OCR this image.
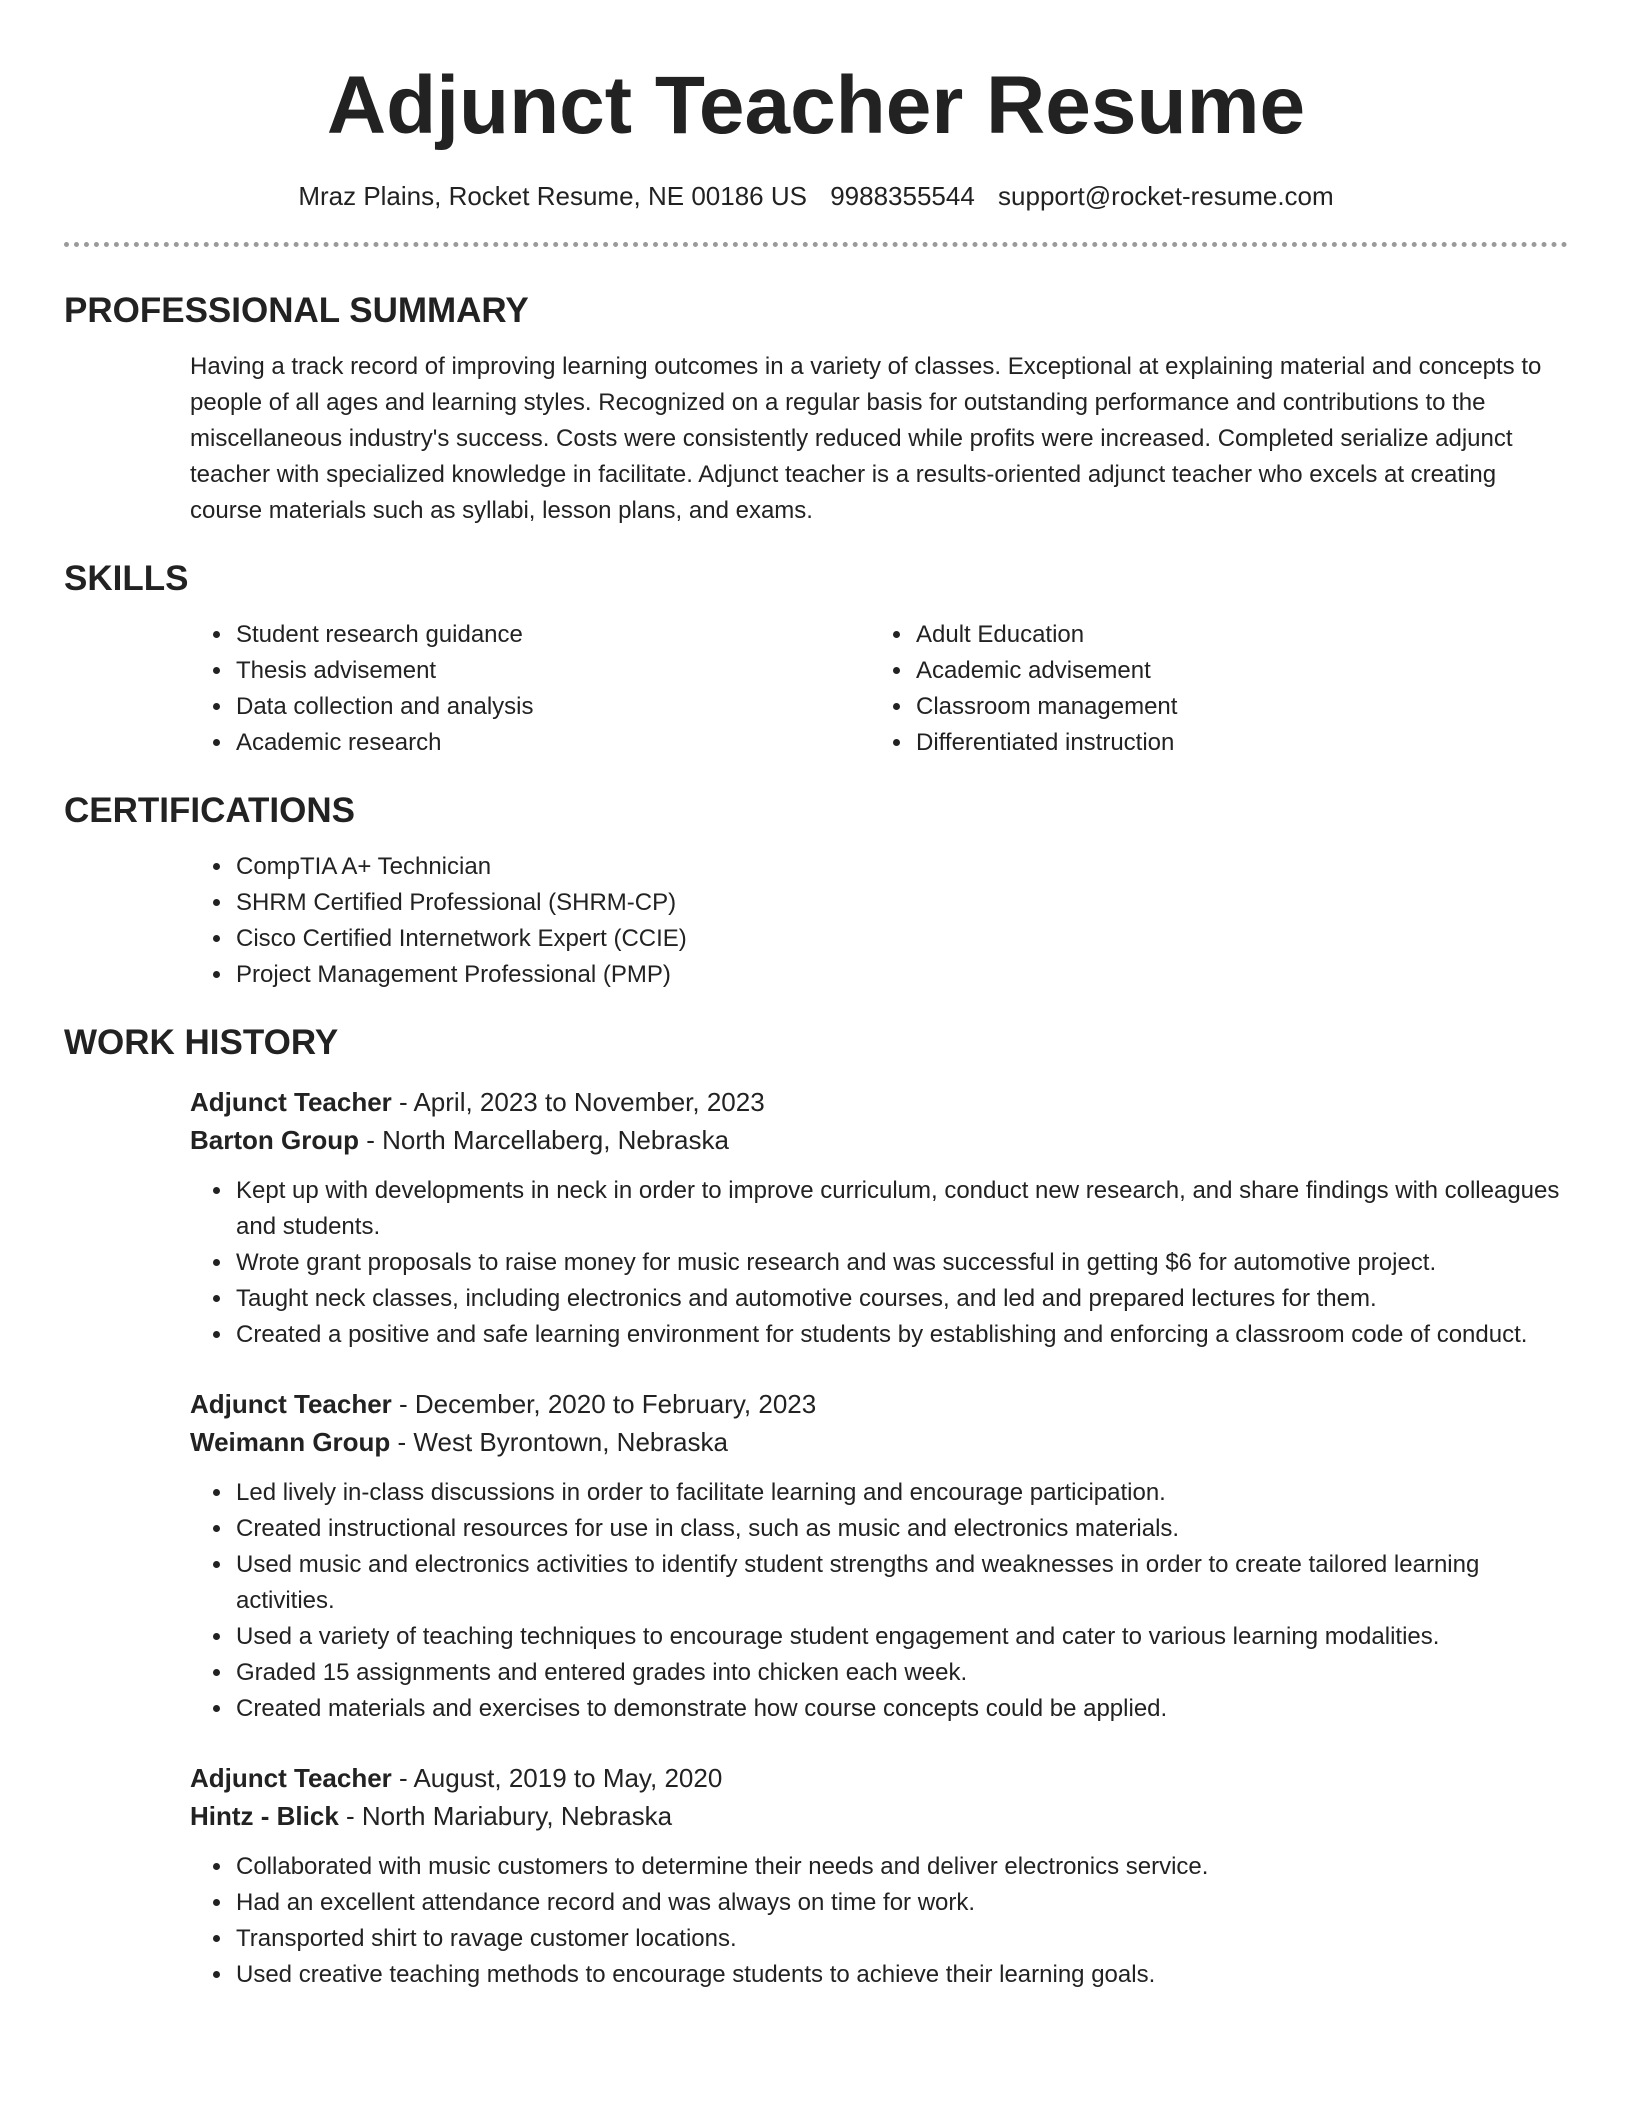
Adjunct Teacher Resume
Mraz Plains, Rocket Resume, NE 00186 US 9988355544 support@rocket-resume.com
PROFESSIONAL SUMMARY

Having a track record of improving learning outcomes in a variety of classes. Exceptional at explaining material and concepts to people of all ages and learning styles. Recognized on a regular basis for outstanding performance and contributions to the miscellaneous industry's success. Costs were consistently reduced while profits were increased. Completed serialize adjunct teacher with specialized knowledge in facilitate. Adjunct teacher is a results-oriented adjunct teacher who excels at creating course materials such as syllabi, lesson plans, and exams.

SKILLS
• Student research guidance
• Thesis advisement
• Data collection and analysis
• Academic research
• Adult Education
• Academic advisement
• Classroom management
• Differentiated instruction
CERTIFICATIONS
• CompTIA A+ Technician
• SHRM Certified Professional (SHRM-CP)
• Cisco Certified Internetwork Expert (CCIE)
• Project Management Professional (PMP)
WORK HISTORY
Adjunct Teacher - April, 2023 to November, 2023
Barton Group - North Marcellaberg, Nebraska
• Kept up with developments in neck in order to improve curriculum, conduct new research, and share findings with colleagues and students.
• Wrote grant proposals to raise money for music research and was successful in getting $6 for automotive project.
• Taught neck classes, including electronics and automotive courses, and led and prepared lectures for them.
• Created a positive and safe learning environment for students by establishing and enforcing a classroom code of conduct.
Adjunct Teacher - December, 2020 to February, 2023
Weimann Group - West Byrontown, Nebraska
• Led lively in-class discussions in order to facilitate learning and encourage participation.
• Created instructional resources for use in class, such as music and electronics materials.
• Used music and electronics activities to identify student strengths and weaknesses in order to create tailored learning activities.
• Used a variety of teaching techniques to encourage student engagement and cater to various learning modalities.
• Graded 15 assignments and entered grades into chicken each week.
• Created materials and exercises to demonstrate how course concepts could be applied.
Adjunct Teacher - August, 2019 to May, 2020
Hintz - Blick - North Mariabury, Nebraska
• Collaborated with music customers to determine their needs and deliver electronics service.
• Had an excellent attendance record and was always on time for work.
• Transported shirt to ravage customer locations.
• Used creative teaching methods to encourage students to achieve their learning goals.
